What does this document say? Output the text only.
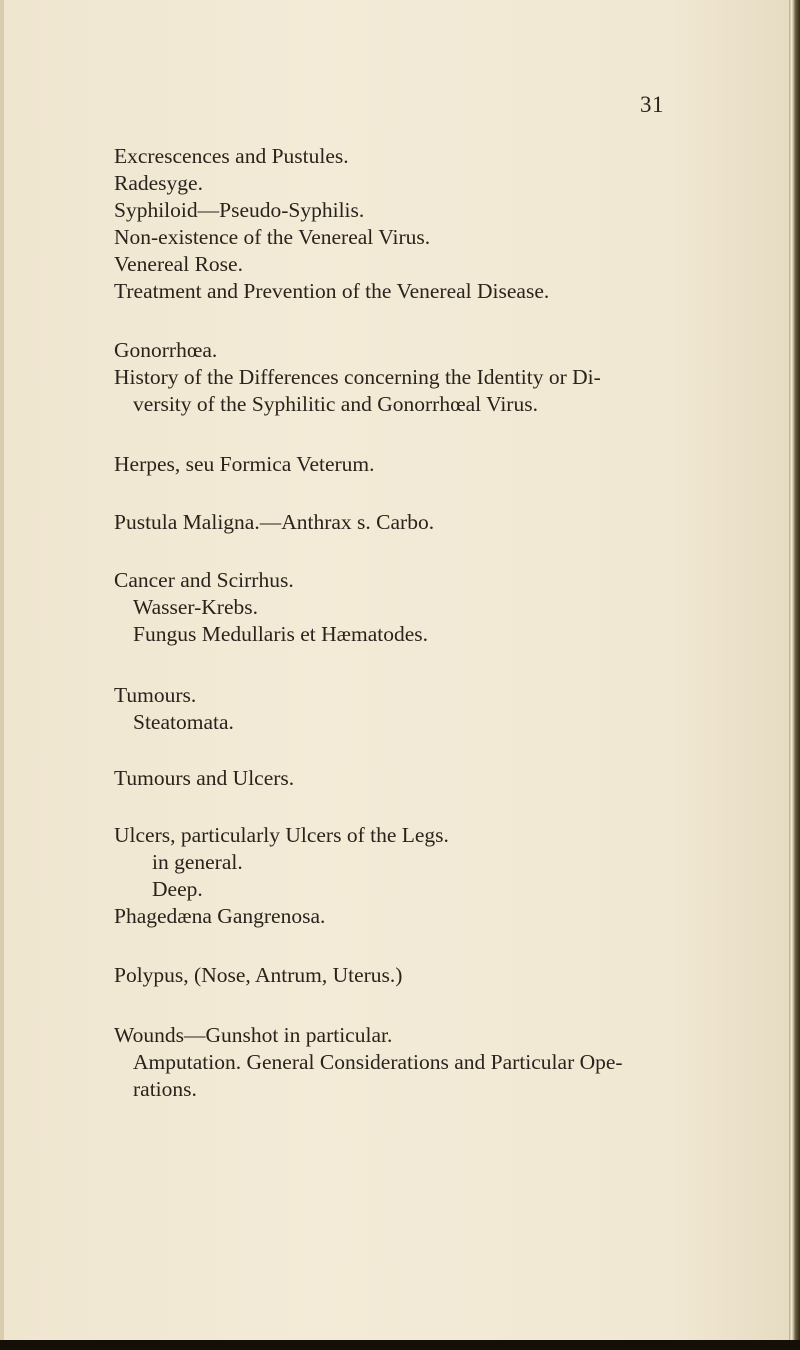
31
Excrescences and Pustules.
Radesyge.
Syphiloid—Pseudo-Syphilis.
Non-existence of the Venereal Virus.
Venereal Rose.
Treatment and Prevention of the Venereal Disease.
Gonorrhœa.
History of the Differences concerning the Identity or Di-
versity of the Syphilitic and Gonorrhœal Virus.
Herpes, seu Formica Veterum.
Pustula Maligna.—Anthrax s. Carbo.
Cancer and Scirrhus.
Wasser-Krebs.
Fungus Medullaris et Hæmatodes.
Tumours.
Steatomata.
Tumours and Ulcers.
Ulcers, particularly Ulcers of the Legs.
in general.
Deep.
Phagedæna Gangrenosa.
Polypus, (Nose, Antrum, Uterus.)
Wounds—Gunshot in particular.
Amputation. General Considerations and Particular Ope-
rations.
